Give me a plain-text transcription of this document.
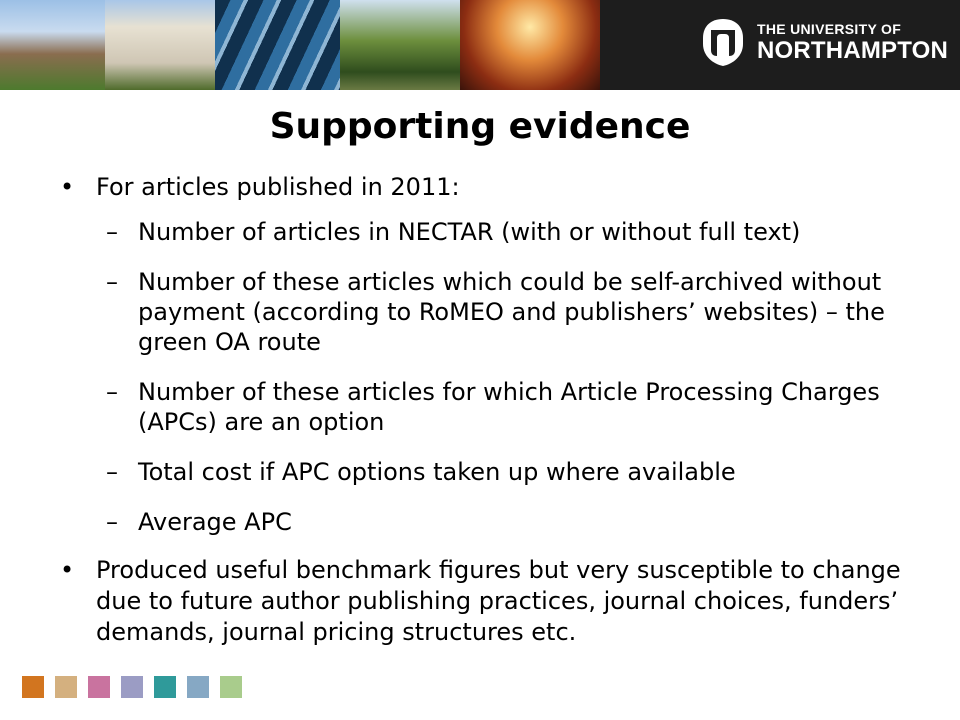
THE UNIVERSITY OF
NORTHAMPTON
Supporting evidence
• For articles published in 2011:
– Number of articles in NECTAR (with or without full text)
– Number of these articles which could be self-archived without payment (according to RoMEO and publishers’ websites) – the green OA route
– Number of these articles for which Article Processing Charges (APCs) are an option
– Total cost if APC options taken up where available
– Average APC
• Produced useful benchmark figures but very susceptible to change due to future author publishing practices, journal choices, funders’ demands, journal pricing structures etc.
